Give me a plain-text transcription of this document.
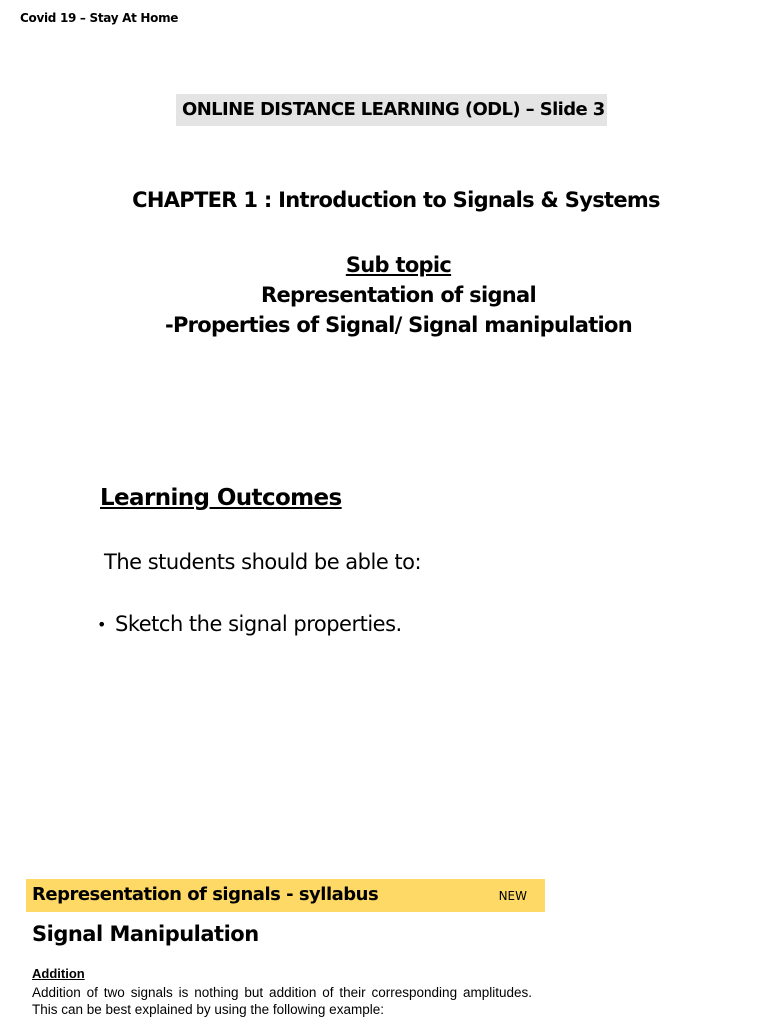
Covid 19 – Stay At Home
ONLINE DISTANCE LEARNING (ODL) – Slide 3
CHAPTER 1 : Introduction to Signals & Systems
Sub topic
Representation of signal
-Properties of Signal/ Signal manipulation
Learning Outcomes
The students should be able to:
• Sketch the signal properties.
Representation of signals - syllabus	NEW
Signal Manipulation
Addition
Addition of two signals is nothing but addition of their corresponding amplitudes. This can be best explained by using the following example:
